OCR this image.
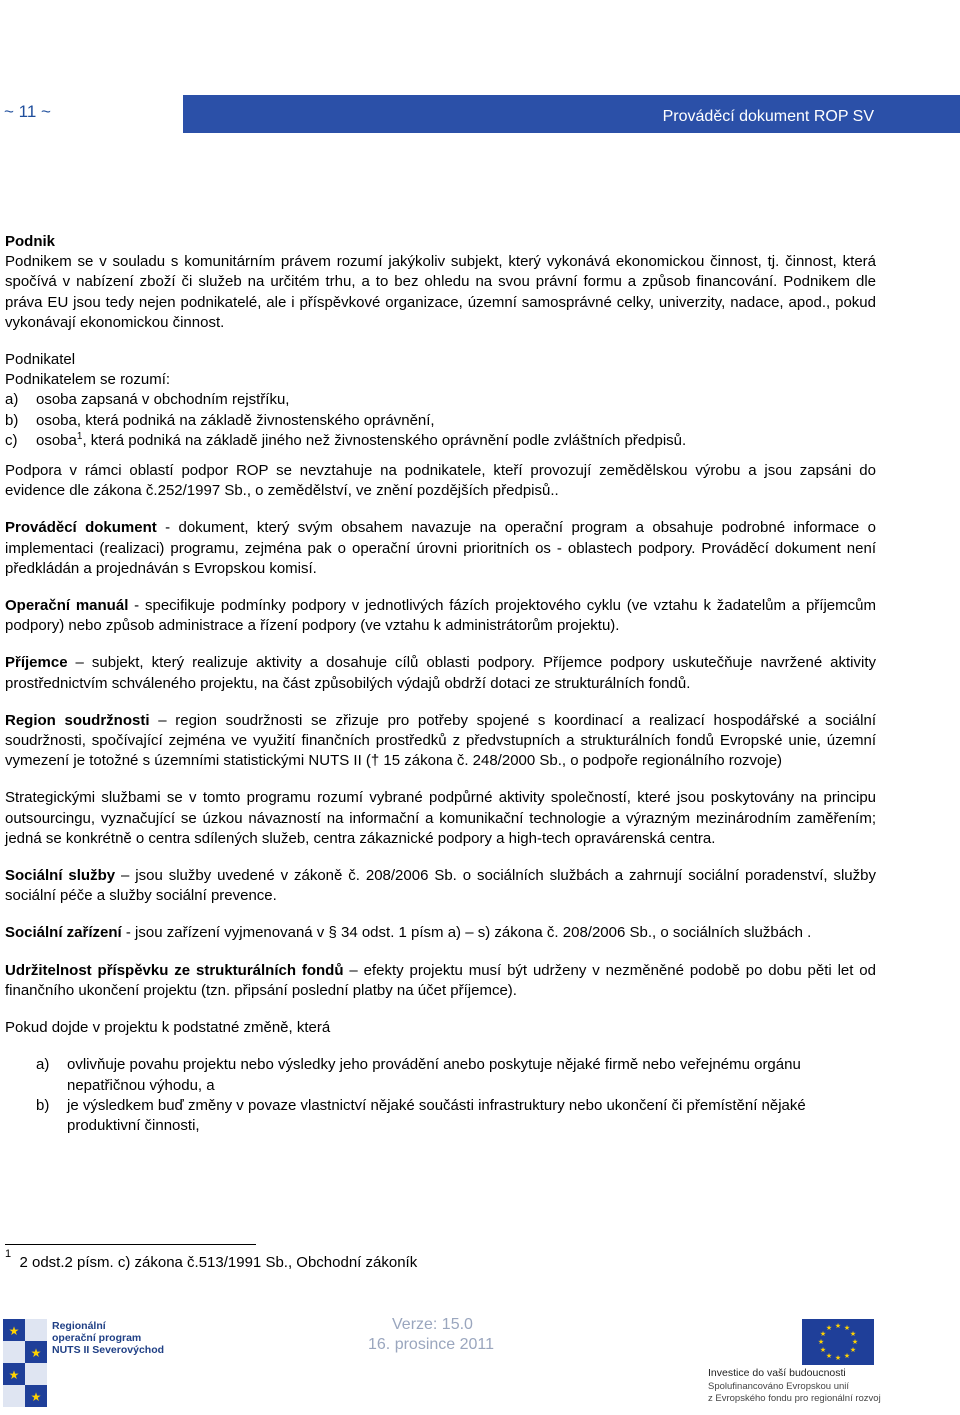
~ 11 ~	Prováděcí dokument ROP SV

Podnik
Podnikem se v souladu s komunitárním právem rozumí jakýkoliv subjekt, který vykonává ekonomickou činnost, tj. činnost, která spočívá v nabízení zboží či služeb na určitém trhu, a to bez ohledu na svou právní formu a způsob financování. Podnikem dle práva EU jsou tedy nejen podnikatelé, ale i příspěvkové organizace, územní samosprávné celky, univerzity, nadace, apod., pokud vykonávají ekonomickou činnost.

Podnikatel
Podnikatelem se rozumí:
a)	osoba zapsaná v obchodním rejstříku,
b)	osoba, která podniká na základě živnostenského oprávnění,
c)	osoba$^1$, která podniká na základě jiného než živnostenského oprávnění podle zvláštních předpisů.

Podpora v rámci oblastí podpor ROP se nevztahuje na podnikatele, kteří provozují zemědělskou výrobu a jsou zapsáni do evidence dle zákona č.252/1997 Sb., o zemědělství, ve znění pozdějších předpisů..

Prováděcí dokument - dokument, který svým obsahem navazuje na operační program a obsahuje podrobné informace o implementaci (realizaci) programu, zejména pak o operační úrovni prioritních os - oblastech podpory. Prováděcí dokument není předkládán a projednáván s Evropskou komisí.

Operační manuál - specifikuje podmínky podpory v jednotlivých fázích projektového cyklu (ve vztahu k žadatelům a příjemcům podpory) nebo způsob administrace a řízení podpory (ve vztahu k administrátorům projektu).

Příjemce – subjekt, který realizuje aktivity a dosahuje cílů oblasti podpory. Příjemce podpory uskutečňuje navržené aktivity prostřednictvím schváleného projektu, na část způsobilých výdajů obdrží dotaci ze strukturálních fondů.

Region soudržnosti – region soudržnosti se zřizuje pro potřeby spojené s koordinací a realizací hospodářské a sociální soudržnosti, spočívající zejména ve využití finančních prostředků z předvstupních a strukturálních fondů Evropské unie, územní vymezení je totožné s územními statistickými NUTS II († 15 zákona č. 248/2000 Sb., o podpoře regionálního rozvoje)

Strategickými službami se v tomto programu rozumí vybrané podpůrné aktivity společností, které jsou poskytovány na principu outsourcingu, vyznačující se úzkou návazností na informační a komunikační technologie a výrazným mezinárodním zaměřením; jedná se konkrétně o centra sdílených služeb, centra zákaznické podpory a high-tech opravárenská centra.

Sociální služby – jsou služby uvedené v zákoně č. 208/2006 Sb. o sociálních službách a zahrnují sociální poradenství, služby sociální péče a služby sociální prevence.

Sociální zařízení - jsou zařízení vyjmenovaná v § 34 odst. 1 písm a) – s) zákona č. 208/2006 Sb., o sociálních službách .

Udržitelnost příspěvku ze strukturálních fondů – efekty projektu musí být udrženy v nezměněné podobě po dobu pěti let od finančního ukončení projektu (tzn. připsání poslední platby na účet příjemce).

Pokud dojde v projektu k podstatné změně, která

a)	ovlivňuje povahu projektu nebo výsledky jeho provádění anebo poskytuje nějaké firmě nebo veřejnému orgánu nepatřičnou výhodu, a
b)	je výsledkem buď změny v povaze vlastnictví nějaké součásti infrastruktury nebo ukončení či přemístění nějaké produktivní činnosti,
$^1$ 2 odst.2 písm. c) zákona č.513/1991 Sb., Obchodní zákoník
★
★
★
★
Regionální
operační program
NUTS II Severovýchod
Verze: 15.0
16. prosince 2011
★ ★
★
★
★
★
★
★
★
★
★
★
Investice do vaší budoucnosti
Spolufinancováno Evropskou unií
z Evropského fondu pro regionální rozvoj
